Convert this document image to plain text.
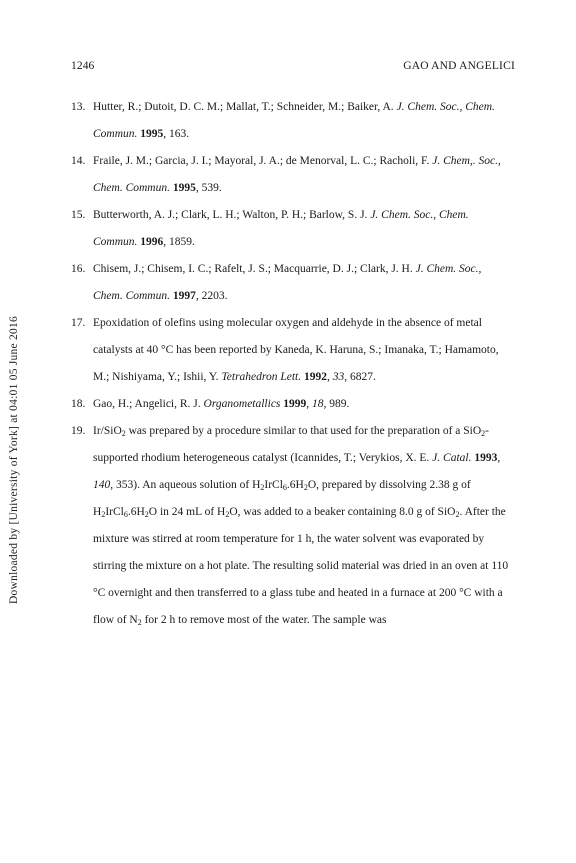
1246	GAO AND ANGELICI
Downloaded by [University of York] at 04:01 05 June 2016
13. Hutter, R.; Dutoit, D. C. M.; Mallat, T.; Schneider, M.; Baiker, A. J. Chem. Soc., Chem. Commun. 1995, 163.
14. Fraile, J. M.; Garcia, J. I.; Mayoral, J. A.; de Menorval, L. C.; Racholi, F. J. Chem,. Soc., Chem. Commun. 1995, 539.
15. Butterworth, A. J.; Clark, L. H.; Walton, P. H.; Barlow, S. J. J. Chem. Soc., Chem. Commun. 1996, 1859.
16. Chisem, J.; Chisem, I. C.; Rafelt, J. S.; Macquarrie, D. J.; Clark, J. H. J. Chem. Soc., Chem. Commun. 1997, 2203.
17. Epoxidation of olefins using molecular oxygen and aldehyde in the absence of metal catalysts at 40 °C has been reported by Kaneda, K. Haruna, S.; Imanaka, T.; Hamamoto, M.; Nishiyama, Y.; Ishii, Y. Tetrahedron Lett. 1992, 33, 6827.
18. Gao, H.; Angelici, R. J. Organometallics 1999, 18, 989.
19. Ir/SiO$_2$ was prepared by a procedure similar to that used for the preparation of a SiO$_2$-supported rhodium heterogeneous catalyst (Icannides, T.; Verykios, X. E. J. Catal. 1993, 140, 353). An aqueous solution of $H_2IrCl_6.6H_2O$, prepared by dissolving 2.38 g of $H_2IrCl_6.6H_2O$ in 24 mL of $H_2O$, was added to a beaker containing 8.0 g of SiO$_2$. After the mixture was stirred at room temperature for 1 h, the water solvent was evaporated by stirring the mixture on a hot plate. The resulting solid material was dried in an oven at 110 °C overnight and then transferred to a glass tube and heated in a furnace at 200 °C with a flow of $N_2$ for 2 h to remove most of the water. The sample was
